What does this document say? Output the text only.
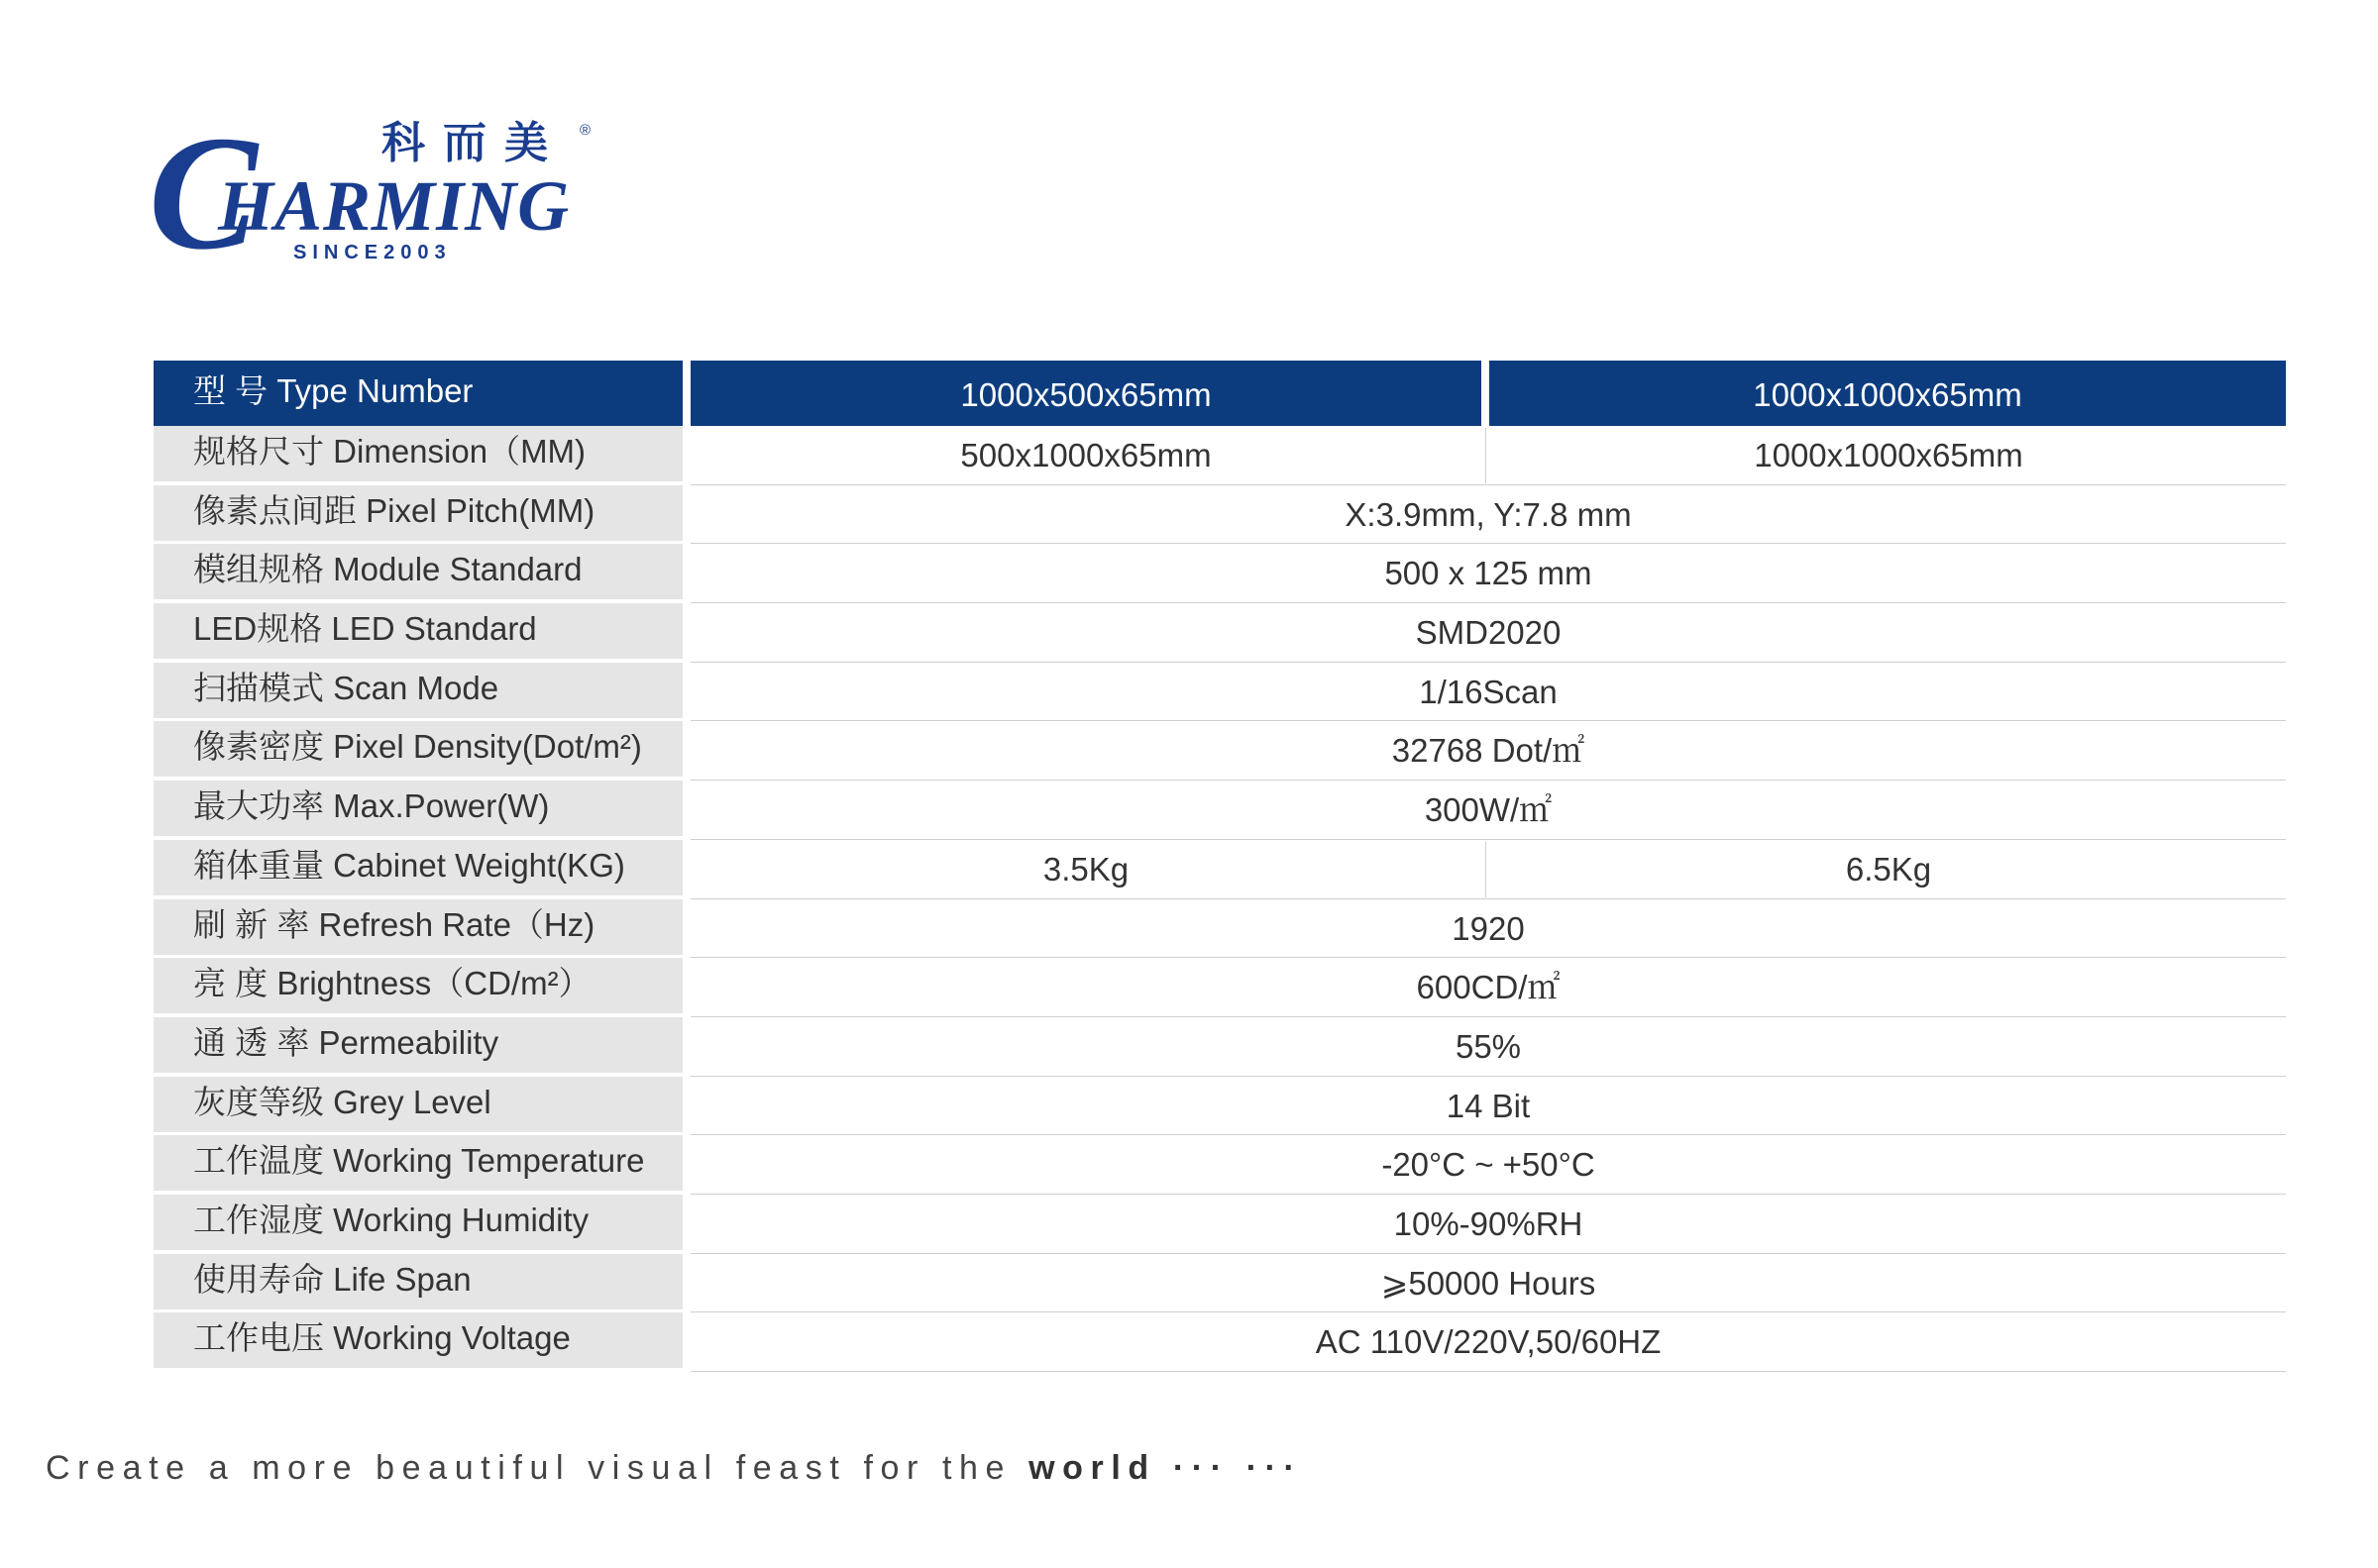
C
HARMING
科而美 ®
SINCE2003
型 号 Type Number	1000x500x65mm	1000x1000x65mm
规格尺寸 Dimension（MM)	500x1000x65mm	1000x1000x65mm
像素点间距 Pixel Pitch(MM)	X:3.9mm, Y:7.8 mm
模组规格 Module Standard	500 x 125 mm
LED规格 LED Standard	SMD2020
扫描模式 Scan Mode	1/16Scan
像素密度 Pixel Density(Dot/m²)	32768 Dot/㎡
最大功率 Max.Power(W)	300W/㎡
箱体重量 Cabinet Weight(KG)	3.5Kg	6.5Kg
刷 新 率 Refresh Rate（Hz)	1920
亮 度 Brightness（CD/m²）	600CD/㎡
通 透 率 Permeability	55%
灰度等级 Grey Level	14 Bit
工作温度 Working Temperature	-20°C ~ +50°C
工作湿度 Working Humidity	10%-90%RH
使用寿命 Life Span	⩾50000 Hours
工作电压 Working Voltage	AC 110V/220V,50/60HZ
Create a more beautiful visual feast for the world ··· ···
